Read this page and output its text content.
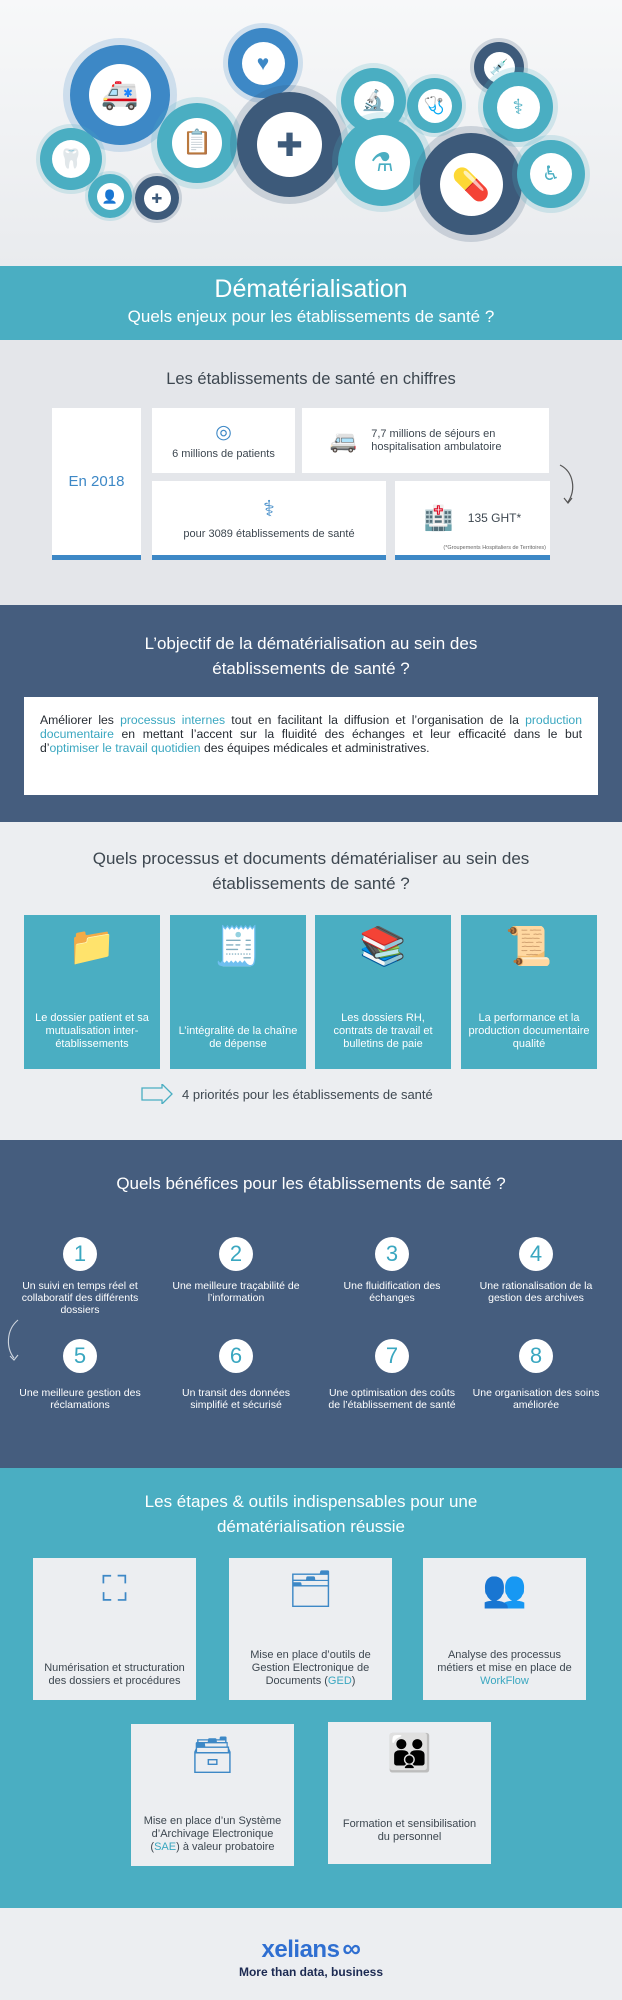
🚑
♥	💉
📋 ✚
🔬 🩺	⚕
🦷	⚗
💊	♿
👤	✚
Dématérialisation
Quels enjeux pour les établissements de santé ?
Les établissements de santé en chiffres
En 2018
◎
6 millions de patients
🚐 7,7 millions de séjours en hospitalisation ambulatoire
⚕
pour 3089 établissements de santé
🏥 135 GHT*
(*Groupements Hospitaliers de Territoires)
L’objectif de la dématérialisation au sein des
établissements de santé ?
Améliorer les processus internes tout en facilitant la diffusion et l’organisation de la production documentaire en mettant l’accent sur la fluidité des échanges et leur efficacité dans le but d’optimiser le travail quotidien des équipes médicales et administratives.
Quels processus et documents dématérialiser au sein des
établissements de santé ?
📁
Le dossier patient et sa mutualisation inter-établissements
🧾
L’intégralité de la chaîne de dépense
📚
Les dossiers RH, contrats de travail et bulletins de paie
📜
La performance et la production documentaire qualité
4 priorités pour les établissements de santé
Quels bénéfices pour les établissements de santé ?
1
Un suivi en temps réel et collaboratif des différents dossiers
2
Une meilleure traçabilité de l’information
3
Une fluidification des échanges
4
Une rationalisation de la gestion des archives
5
Une meilleure gestion des réclamations
6
Un transit des données simplifié et sécurisé
7
Une optimisation des coûts de l’établissement de santé
8
Une organisation des soins améliorée
Les étapes & outils indispensables pour une
dématérialisation réussie
⛶
Numérisation et structuration des dossiers et procédures
🗂
Mise en place d’outils de Gestion Electronique de Documents (GED)
👥
Analyse des processus métiers et mise en place de WorkFlow
🗃
Mise en place d’un Système d’Archivage Electronique (SAE) à valeur probatoire
👪
Formation et sensibilisation du personnel
xelians ∞
More than data, business
